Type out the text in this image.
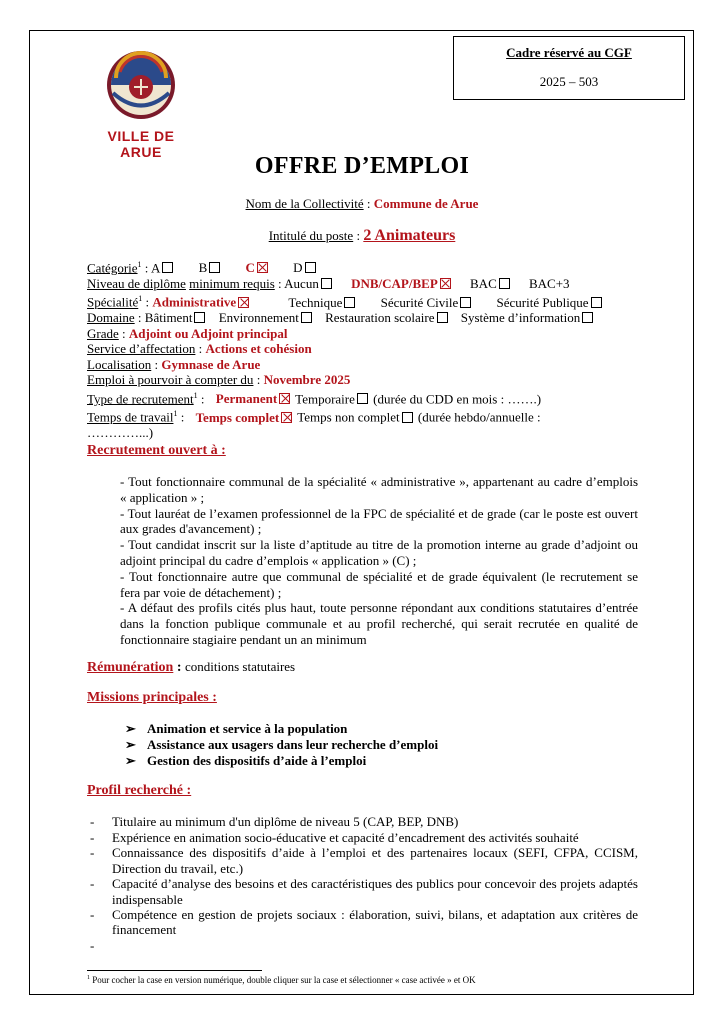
Cadre réservé au CGF
2025 – 503
VILLE DE ARUE
OFFRE D’EMPLOI
Nom de la Collectivité : Commune de Arue
Intitulé du poste : 2 Animateurs
Catégorie$^1$ : A	B	C	D
Niveau de diplôme minimum requis : Aucun DNB/CAP/BEP BAC BAC+3
Spécialité$^1$ : Administrative	Technique	Sécurité Civile	Sécurité Publique
Domaine : Bâtiment Environnement Restauration scolaire Système d’information
Grade : Adjoint ou Adjoint principal
Service d’affectation : Actions et cohésion
Localisation : Gymnase de Arue
Emploi à pourvoir à compter du : Novembre 2025
Type de recrutement$^1$ : Permanent Temporaire (durée du CDD en mois : …….)
Temps de travail$^1$ : Temps complet Temps non complet (durée hebdo/annuelle :
…………...)
Recrutement ouvert à :

- Tout fonctionnaire communal de la spécialité « administrative », appartenant au cadre d’emplois « application » ;

- Tout lauréat de l’examen professionnel de la FPC de spécialité et de grade (car le poste est ouvert aux grades d'avancement) ;

- Tout candidat inscrit sur la liste d’aptitude au titre de la promotion interne au grade d’adjoint ou adjoint principal du cadre d’emplois « application » (C) ;

- Tout fonctionnaire autre que communal de spécialité et de grade équivalent (le recrutement se fera par voie de détachement) ;

- A défaut des profils cités plus haut, toute personne répondant aux conditions statutaires d’entrée dans la fonction publique communale et au profil recherché, qui serait recrutée en qualité de fonctionnaire stagiaire pendant un an minimum

Rémunération : conditions statutaires
Missions principales :
➢ Animation et service à la population
➢ Assistance aux usagers dans leur recherche d’emploi
➢ Gestion des dispositifs d’aide à l’emploi
Profil recherché :
-	Titulaire au minimum d'un diplôme de niveau 5 (CAP, BEP, DNB)
-	Expérience en animation socio-éducative et capacité d’encadrement des activités souhaité
-	Connaissance des dispositifs d’aide à l’emploi et des partenaires locaux (SEFI, CFPA, CCISM, Direction du travail, etc.)
-	Capacité d’analyse des besoins et des caractéristiques des publics pour concevoir des projets adaptés indispensable
-	Compétence en gestion de projets sociaux : élaboration, suivi, bilans, et adaptation aux critères de financement
-
$^1$ Pour cocher la case en version numérique, double cliquer sur la case et sélectionner « case activée » et OK
